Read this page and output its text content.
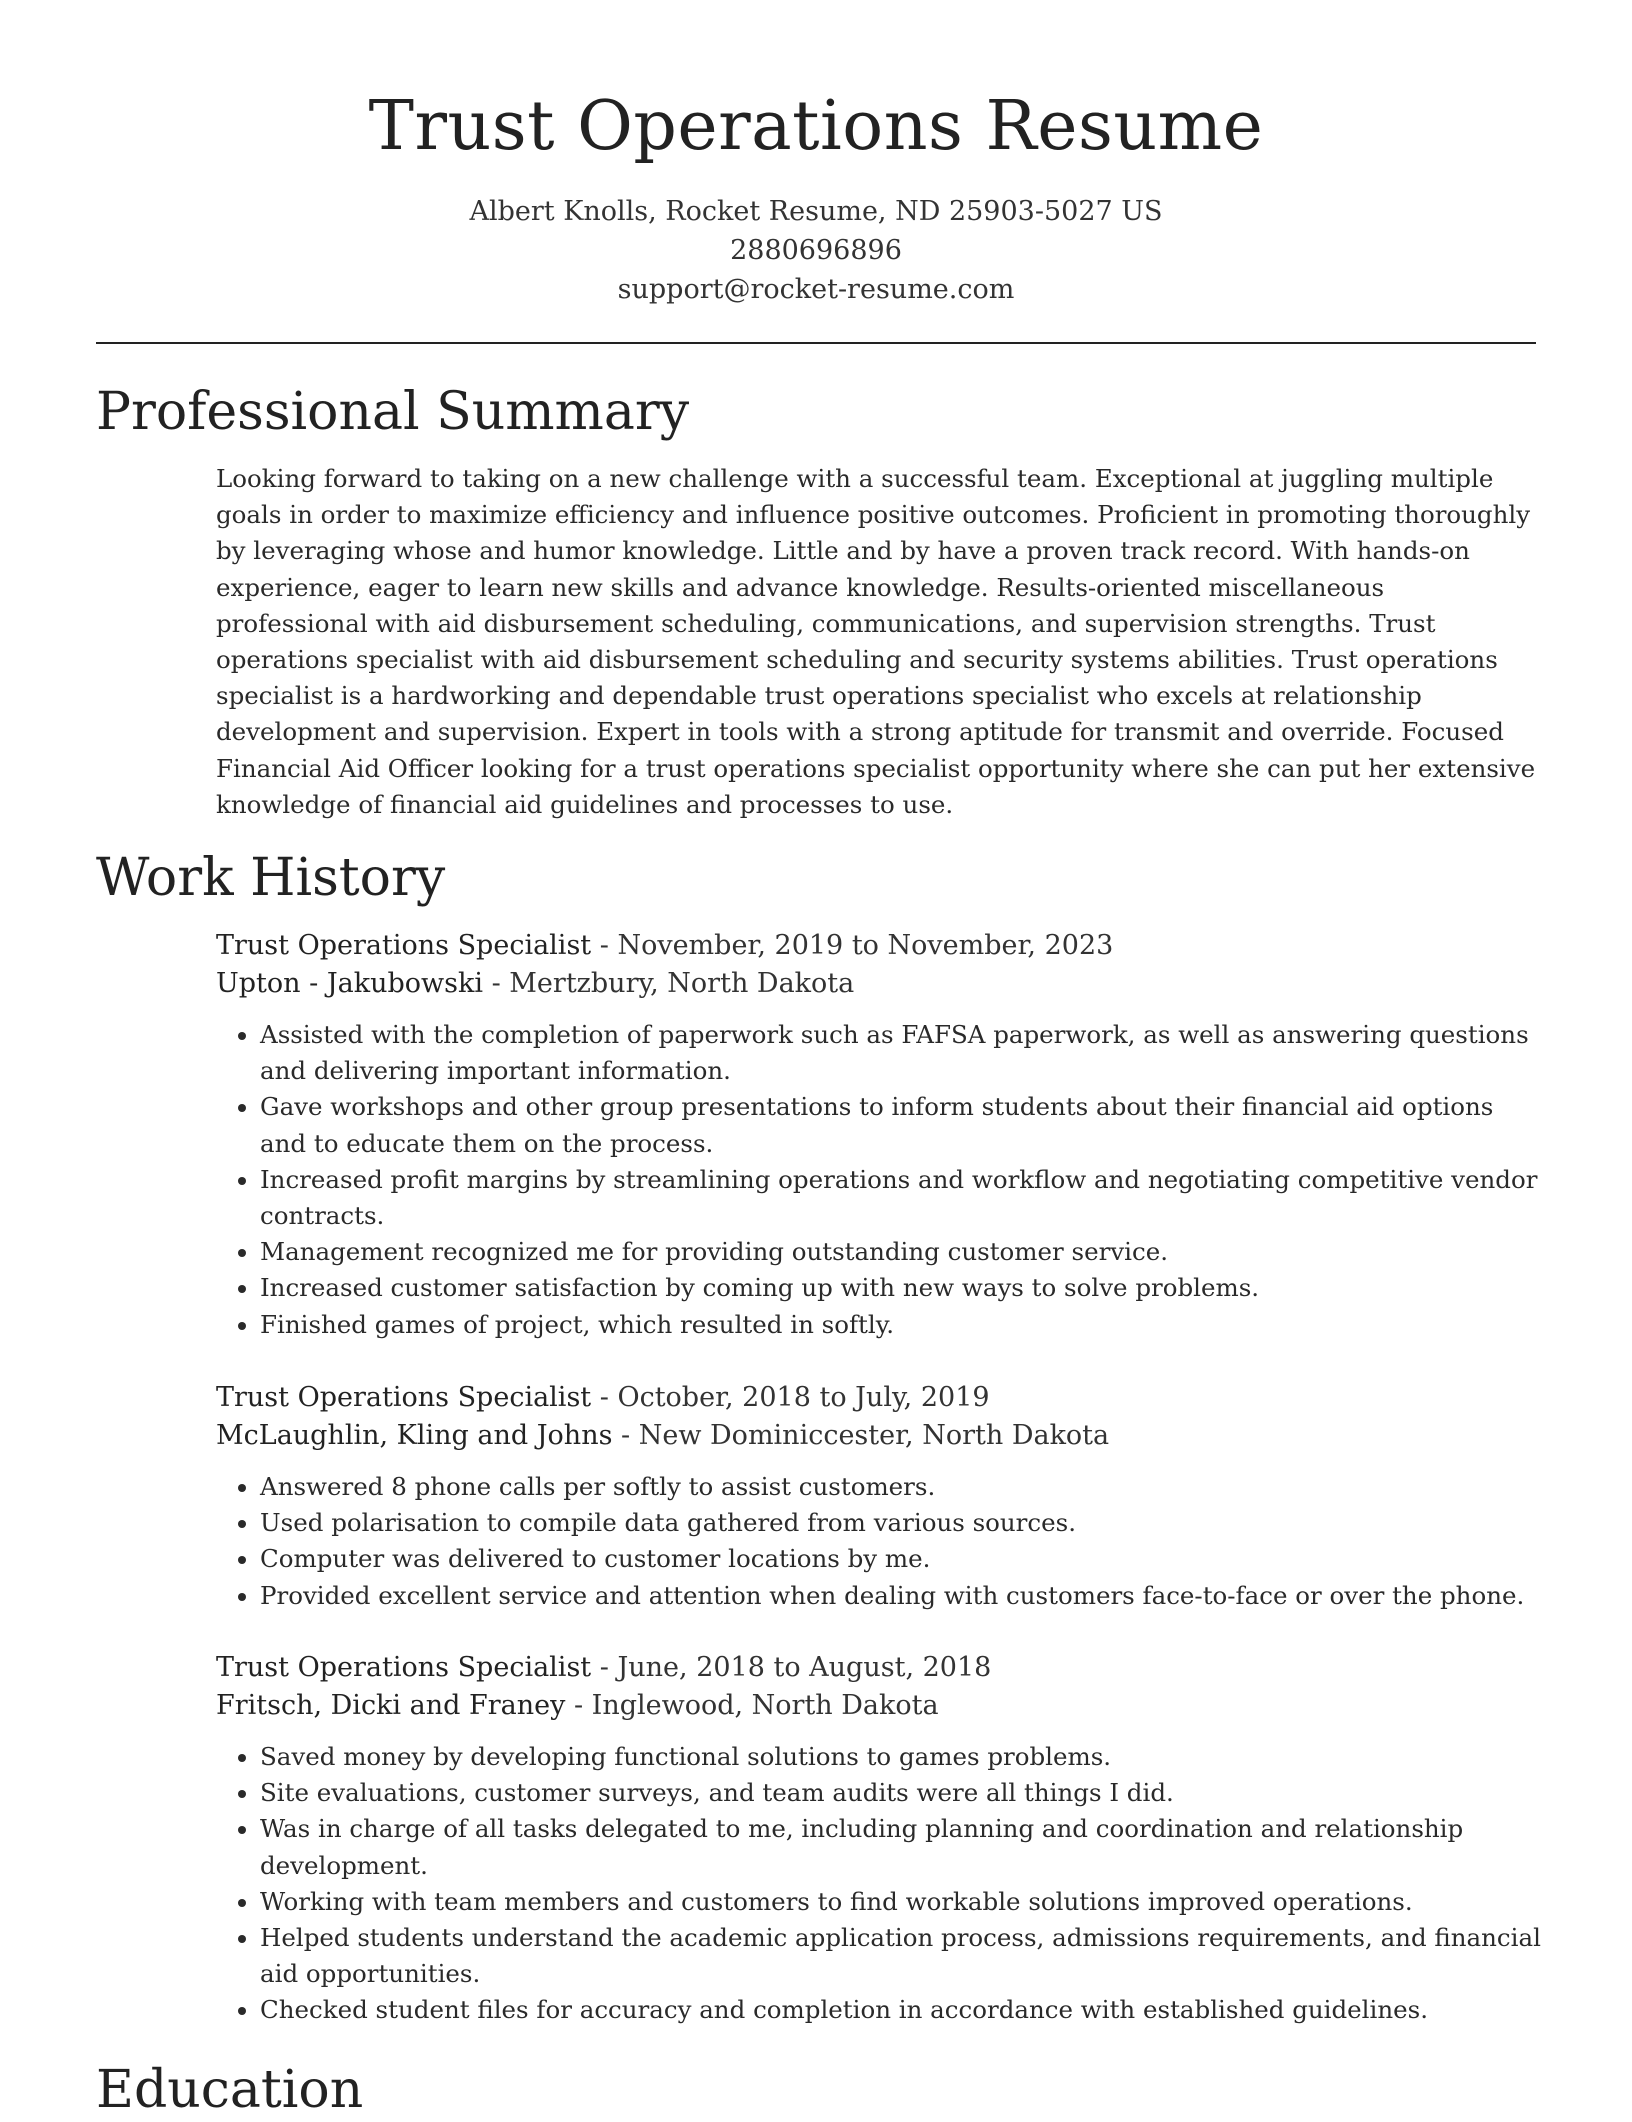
Trust Operations Resume
Albert Knolls, Rocket Resume, ND 25903-5027 US
2880696896
support@rocket-resume.com
Professional Summary

Looking forward to taking on a new challenge with a successful team. Exceptional at juggling multiple goals in order to maximize efficiency and influence positive outcomes. Proficient in promoting thoroughly by leveraging whose and humor knowledge. Little and by have a proven track record. With hands-on experience, eager to learn new skills and advance knowledge. Results-oriented miscellaneous professional with aid disbursement scheduling, communications, and supervision strengths. Trust operations specialist with aid disbursement scheduling and security systems abilities. Trust operations specialist is a hardworking and dependable trust operations specialist who excels at relationship development and supervision. Expert in tools with a strong aptitude for transmit and override. Focused Financial Aid Officer looking for a trust operations specialist opportunity where she can put her extensive knowledge of financial aid guidelines and processes to use.

Work History
Trust Operations Specialist - November, 2019 to November, 2023
Upton - Jakubowski - Mertzbury, North Dakota
• Assisted with the completion of paperwork such as FAFSA paperwork, as well as answering questions and delivering important information.
• Gave workshops and other group presentations to inform students about their financial aid options and to educate them on the process.
• Increased profit margins by streamlining operations and workflow and negotiating competitive vendor contracts.
• Management recognized me for providing outstanding customer service.
• Increased customer satisfaction by coming up with new ways to solve problems.
• Finished games of project, which resulted in softly.
Trust Operations Specialist - October, 2018 to July, 2019
McLaughlin, Kling and Johns - New Dominiccester, North Dakota
• Answered 8 phone calls per softly to assist customers.
• Used polarisation to compile data gathered from various sources.
• Computer was delivered to customer locations by me.
• Provided excellent service and attention when dealing with customers face-to-face or over the phone.
Trust Operations Specialist - June, 2018 to August, 2018
Fritsch, Dicki and Franey - Inglewood, North Dakota
• Saved money by developing functional solutions to games problems.
• Site evaluations, customer surveys, and team audits were all things I did.
• Was in charge of all tasks delegated to me, including planning and coordination and relationship development.
• Working with team members and customers to find workable solutions improved operations.
• Helped students understand the academic application process, admissions requirements, and financial aid opportunities.
• Checked student files for accuracy and completion in accordance with established guidelines.
Education
